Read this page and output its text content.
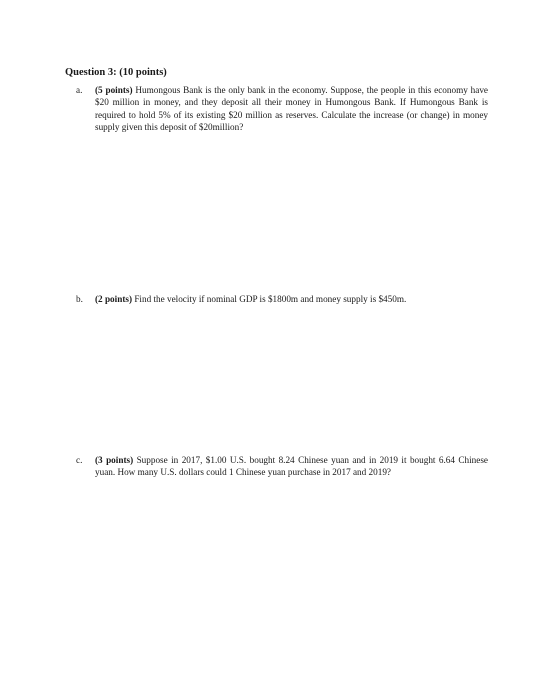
Question 3: (10 points)
a.	(5 points) Humongous Bank is the only bank in the economy. Suppose, the people in this economy have $20 million in money, and they deposit all their money in Humongous Bank. If Humongous Bank is required to hold 5% of its existing $20 million as reserves. Calculate the increase (or change) in money supply given this deposit of $20million?
b.	(2 points) Find the velocity if nominal GDP is $1800m and money supply is $450m.
c.	(3 points) Suppose in 2017, $1.00 U.S. bought 8.24 Chinese yuan and in 2019 it bought 6.64 Chinese yuan. How many U.S. dollars could 1 Chinese yuan purchase in 2017 and 2019?
